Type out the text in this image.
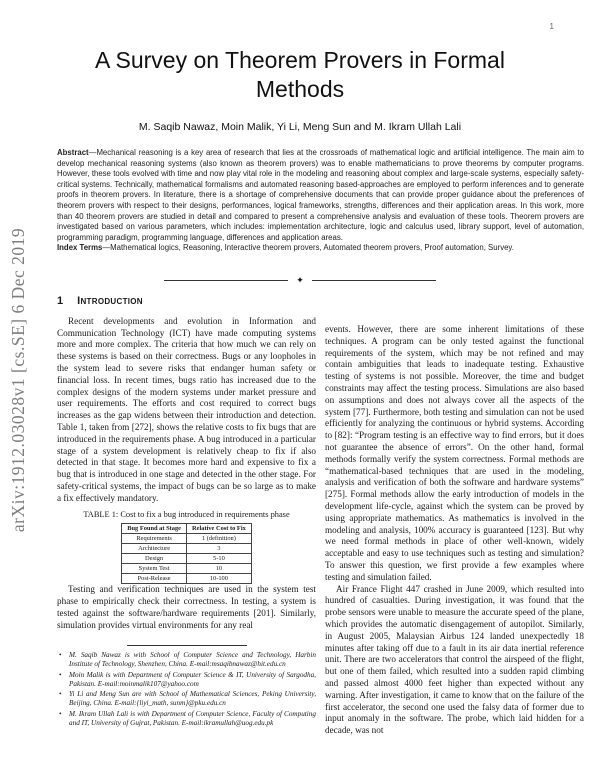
1
arXiv:1912.03028v1 [cs.SE] 6 Dec 2019
A Survey on Theorem Provers in Formal Methods
M. Saqib Nawaz, Moin Malik, Yi Li, Meng Sun and M. Ikram Ullah Lali

Abstract—Mechanical reasoning is a key area of research that lies at the crossroads of mathematical logic and artificial intelligence. The main aim to develop mechanical reasoning systems (also known as theorem provers) was to enable mathematicians to prove theorems by computer programs. However, these tools evolved with time and now play vital role in the modeling and reasoning about complex and large-scale systems, especially safety-critical systems. Technically, mathematical formalisms and automated reasoning based-approaches are employed to perform inferences and to generate proofs in theorem provers. In literature, there is a shortage of comprehensive documents that can provide proper guidance about the preferences of theorem provers with respect to their designs, performances, logical frameworks, strengths, differences and their application areas. In this work, more than 40 theorem provers are studied in detail and compared to present a comprehensive analysis and evaluation of these tools. Theorem provers are investigated based on various parameters, which includes: implementation architecture, logic and calculus used, library support, level of automation, programming paradigm, programming language, differences and application areas.

Index Terms—Mathematical logics, Reasoning, Interactive theorem provers, Automated theorem provers, Proof automation, Survey.

✦
1 Introduction

Recent developments and evolution in Information and Communication Technology (ICT) have made computing systems more and more complex. The criteria that how much we can rely on these systems is based on their correctness. Bugs or any loopholes in the system lead to severe risks that endanger human safety or financial loss. In recent times, bugs ratio has increased due to the complex designs of the modern systems under market pressure and user requirements. The efforts and cost required to correct bugs increases as the gap widens between their introduction and detection. Table 1, taken from [272], shows the relative costs to fix bugs that are introduced in the requirements phase. A bug introduced in a particular stage of a system development is relatively cheap to fix if also detected in that stage. It becomes more hard and expensive to fix a bug that is introduced in one stage and detected in the other stage. For safety-critical systems, the impact of bugs can be so large as to make a fix effectively mandatory.

TABLE 1: Cost to fix a bug introduced in requirements phase
Bug Found at Stage	Relative Cost to Fix
Requirements	1 (definition)
Architecture	3
Design	5-10
System Test	10
Post-Release	10-100

Testing and verification techniques are used in the system test phase to empirically check their correctness. In testing, a system is tested against the software/hardware requirements [201]. Similarly, simulation provides virtual environments for any real

• M. Saqib Nawaz is with School of Computer Science and Technology, Harbin Institute of Technology, Shenzhen, China. E-mail:msaqibnawaz@hit.edu.cn
• Moin Malik is with Department of Computer Science & IT, University of Sargodha, Pakistan. E-mail:moinmalik107@yahoo.com
• Yi Li and Meng Sun are with School of Mathematical Sciences, Peking University, Beijing, China. E-mail:{liyi_math, sunm}@pku.edu.cn
• M. Ikram Ullah Lali is with Department of Computer Science, Faculty of Computing and IT, University of Gujrat, Pakistan. E-mail:ikramullah@uog.edu.pk

events. However, there are some inherent limitations of these techniques. A program can be only tested against the functional requirements of the system, which may be not refined and may contain ambiguities that leads to inadequate testing. Exhaustive testing of systems is not possible. Moreover, the time and budget constraints may affect the testing process. Simulations are also based on assumptions and does not always cover all the aspects of the system [77]. Furthermore, both testing and simulation can not be used efficiently for analyzing the continuous or hybrid systems. According to [82]: “Program testing is an effective way to find errors, but it does not guarantee the absence of errors”. On the other hand, formal methods formally verify the system correctness. Formal methods are “mathematical-based techniques that are used in the modeling, analysis and verification of both the software and hardware systems” [275]. Formal methods allow the early introduction of models in the development life-cycle, against which the system can be proved by using appropriate mathematics. As mathematics is involved in the modeling and analysis, 100% accuracy is guaranteed [123]. But why we need formal methods in place of other well-known, widely acceptable and easy to use techniques such as testing and simulation? To answer this question, we first provide a few examples where testing and simulation failed.

Air France Flight 447 crashed in June 2009, which resulted into hundred of casualties. During investigation, it was found that the probe sensors were unable to measure the accurate speed of the plane, which provides the automatic disengagement of autopilot. Similarly, in August 2005, Malaysian Airbus 124 landed unexpectedly 18 minutes after taking off due to a fault in its air data inertial reference unit. There are two accelerators that control the airspeed of the flight, but one of them failed, which resulted into a sudden rapid climbing and passed almost 4000 feet higher than expected without any warning. After investigation, it came to know that on the failure of the first accelerator, the second one used the falsy data of former due to input anomaly in the software. The probe, which laid hidden for a decade, was not
